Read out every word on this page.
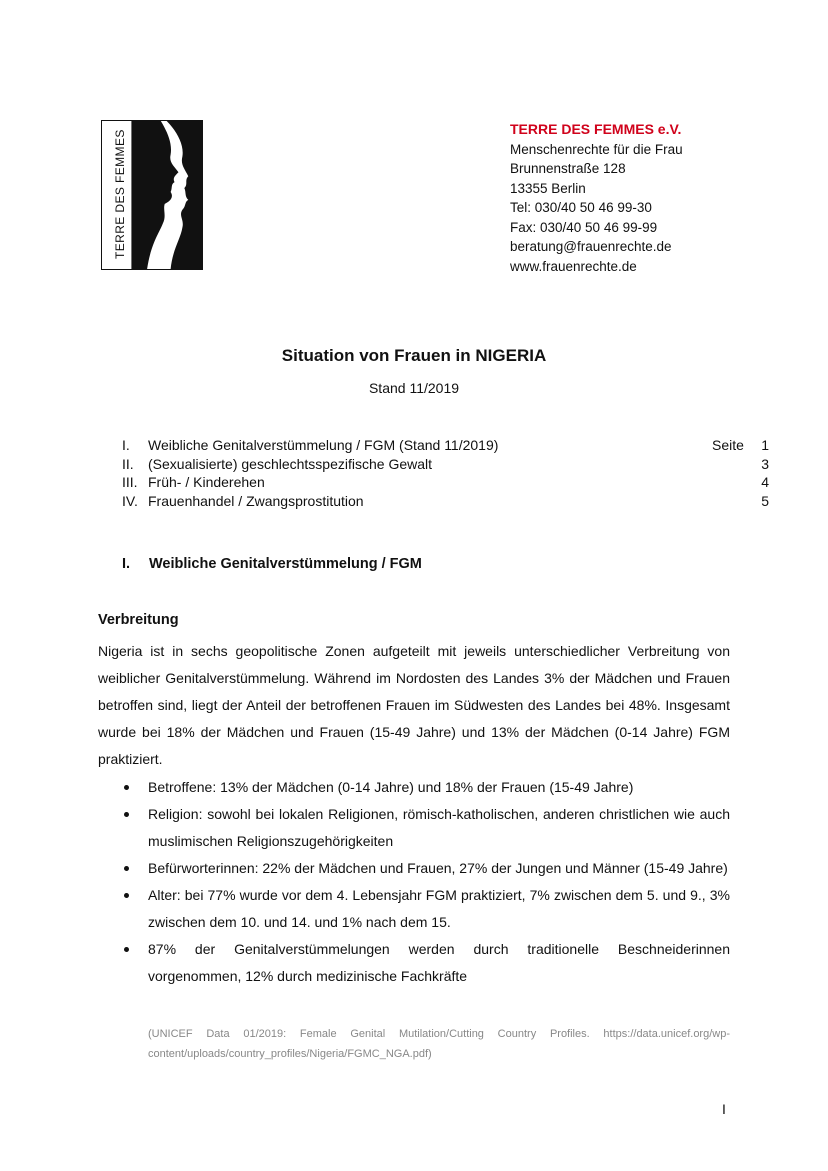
TERRE DES FEMMES
TERRE DES FEMMES e.V.
Menschenrechte für die Frau
Brunnenstraße 128
13355 Berlin
Tel: 030/40 50 46 99-30
Fax: 030/40 50 46 99-99
beratung@frauenrechte.de
www.frauenrechte.de
Situation von Frauen in NIGERIA
Stand 11/2019
I. Weibliche Genitalverstümmelung / FGM (Stand 11/2019)	Seite 1
II. (Sexualisierte) geschlechtsspezifische Gewalt	3
III. Früh- / Kinderehen	4
IV. Frauenhandel / Zwangsprostitution	5
I. Weibliche Genitalverstümmelung / FGM
Verbreitung
Nigeria ist in sechs geopolitische Zonen aufgeteilt mit jeweils unterschiedlicher Verbreitung von weiblicher Genitalverstümmelung. Während im Nordosten des Landes 3% der Mädchen und Frauen betroffen sind, liegt der Anteil der betroffenen Frauen im Südwesten des Landes bei 48%. Insgesamt wurde bei 18% der Mädchen und Frauen (15-49 Jahre) und 13% der Mädchen (0-14 Jahre) FGM praktiziert.
Betroffene: 13% der Mädchen (0-14 Jahre) und 18% der Frauen (15-49 Jahre)
Religion: sowohl bei lokalen Religionen, römisch-katholischen, anderen christlichen wie auch muslimischen Religionszugehörigkeiten
Befürworterinnen: 22% der Mädchen und Frauen, 27% der Jungen und Männer (15-49 Jahre)
Alter: bei 77% wurde vor dem 4. Lebensjahr FGM praktiziert, 7% zwischen dem 5. und 9., 3% zwischen dem 10. und 14. und 1% nach dem 15.
87% der Genitalverstümmelungen werden durch traditionelle Beschneiderinnen vorgenommen, 12% durch medizinische Fachkräfte
(UNICEF Data 01/2019: Female Genital Mutilation/Cutting Country Profiles. https://data.unicef.org/wp-content/uploads/country_profiles/Nigeria/FGMC_NGA.pdf)
I
